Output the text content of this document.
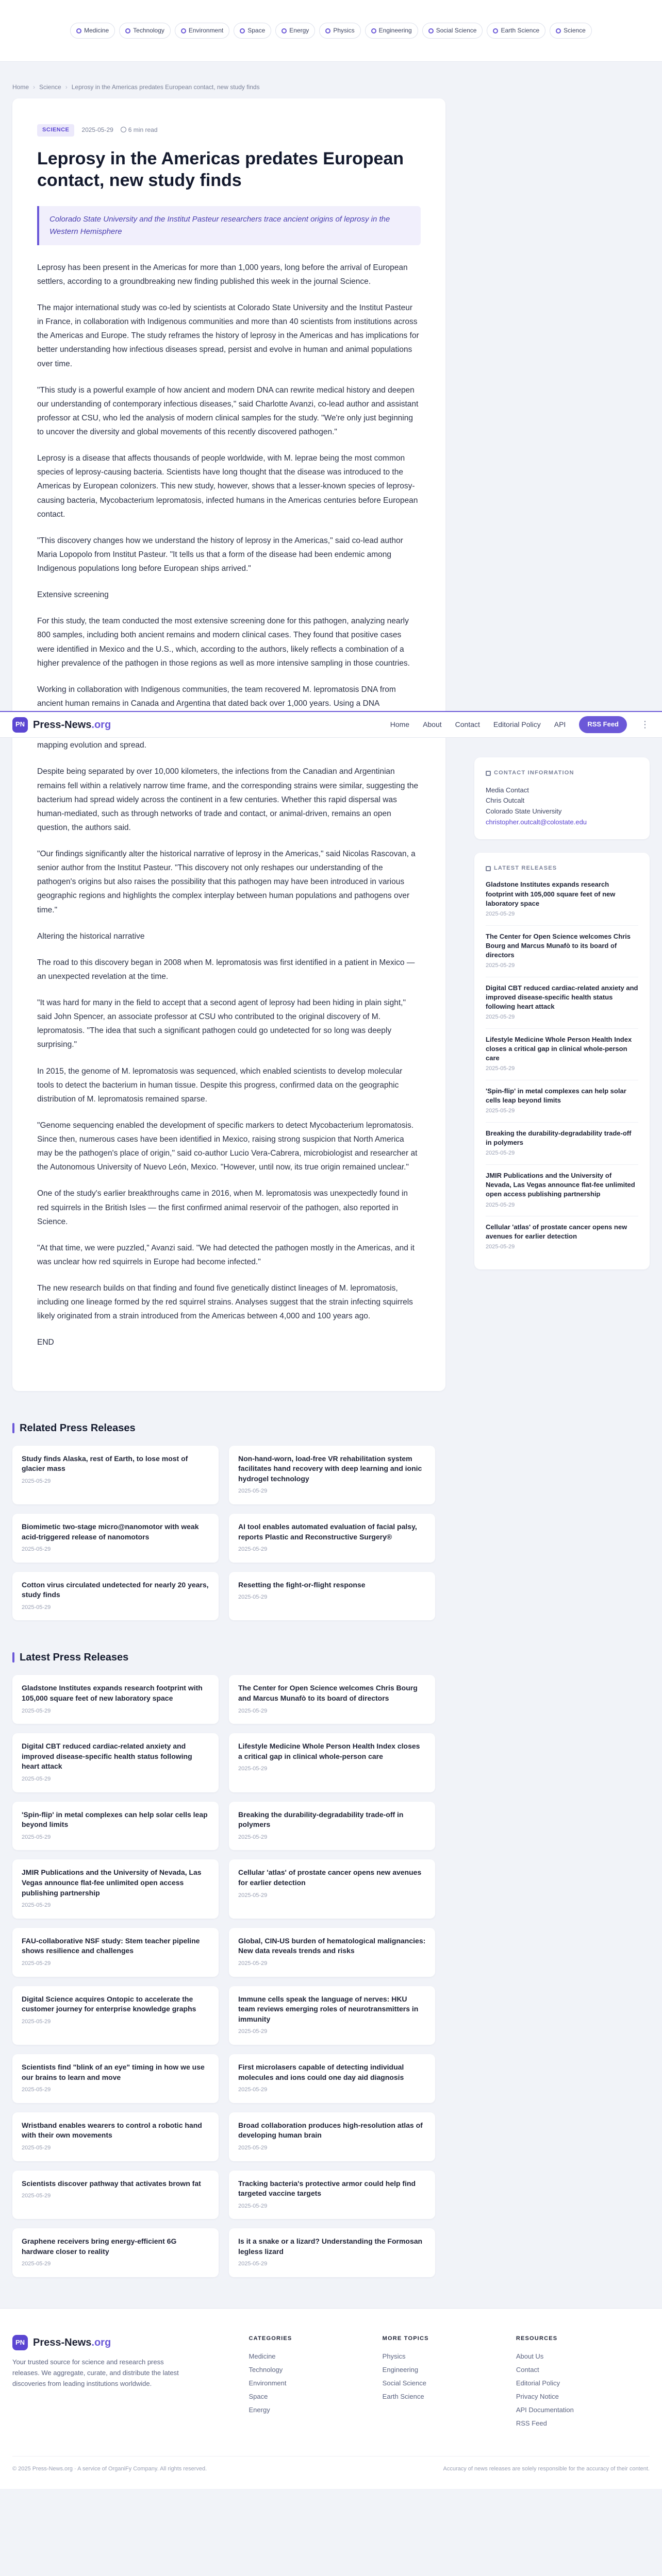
Medicine	Technology	Environment	Space	Energy	Physics	Engineering	Social Science	Earth Science	Science
Home › Science › Leprosy in the Americas predates European contact, new study finds
PN Press-News.org	Home About Contact Editorial Policy API	RSS Feed	⋮
SCIENCE	2025-05-29	6 min read
Leprosy in the Americas predates European contact, new study finds
Colorado State University and the Institut Pasteur researchers trace ancient origins of leprosy in the Western Hemisphere

Leprosy has been present in the Americas for more than 1,000 years, long before the arrival of European settlers, according to a groundbreaking new finding published this week in the journal Science.

The major international study was co-led by scientists at Colorado State University and the Institut Pasteur in France, in collaboration with Indigenous communities and more than 40 scientists from institutions across the Americas and Europe. The study reframes the history of leprosy in the Americas and has implications for better understanding how infectious diseases spread, persist and evolve in human and animal populations over time.

"This study is a powerful example of how ancient and modern DNA can rewrite medical history and deepen our understanding of contemporary infectious diseases," said Charlotte Avanzi, co-lead author and assistant professor at CSU, who led the analysis of modern clinical samples for the study. "We're only just beginning to uncover the diversity and global movements of this recently discovered pathogen."

Leprosy is a disease that affects thousands of people worldwide, with M. leprae being the most common species of leprosy-causing bacteria. Scientists have long thought that the disease was introduced to the Americas by European colonizers. This new study, however, shows that a lesser-known species of leprosy-causing bacteria, Mycobacterium lepromatosis, infected humans in the Americas centuries before European contact.

"This discovery changes how we understand the history of leprosy in the Americas," said co-lead author Maria Lopopolo from Institut Pasteur. "It tells us that a form of the disease had been endemic among Indigenous populations long before European ships arrived."

Extensive screening

For this study, the team conducted the most extensive screening done for this pathogen, analyzing nearly 800 samples, including both ancient remains and modern clinical cases. They found that positive cases were identified in Mexico and the U.S., which, according to the authors, likely reflects a combination of a higher prevalence of the pathogen in those regions as well as more intensive sampling in those countries.

Working in collaboration with Indigenous communities, the team recovered M. lepromatosis DNA from ancient human remains in Canada and Argentina that dated back over 1,000 years. Using a DNA mapping evolution and spread.

Despite being separated by over 10,000 kilometers, the infections from the Canadian and Argentinian remains fell within a relatively narrow time frame, and the corresponding strains were similar, suggesting the bacterium had spread widely across the continent in a few centuries. Whether this rapid dispersal was human-mediated, such as through networks of trade and contact, or animal-driven, remains an open question, the authors said.

"Our findings significantly alter the historical narrative of leprosy in the Americas," said Nicolas Rascovan, a senior author from the Institut Pasteur. "This discovery not only reshapes our understanding of the pathogen's origins but also raises the possibility that this pathogen may have been introduced in various geographic regions and highlights the complex interplay between human populations and pathogens over time."

Altering the historical narrative

The road to this discovery began in 2008 when M. lepromatosis was first identified in a patient in Mexico — an unexpected revelation at the time.

"It was hard for many in the field to accept that a second agent of leprosy had been hiding in plain sight," said John Spencer, an associate professor at CSU who contributed to the original discovery of M. lepromatosis. "The idea that such a significant pathogen could go undetected for so long was deeply surprising."

In 2015, the genome of M. lepromatosis was sequenced, which enabled scientists to develop molecular tools to detect the bacterium in human tissue. Despite this progress, confirmed data on the geographic distribution of M. lepromatosis remained sparse.

"Genome sequencing enabled the development of specific markers to detect Mycobacterium lepromatosis. Since then, numerous cases have been identified in Mexico, raising strong suspicion that North America may be the pathogen's place of origin," said co-author Lucio Vera-Cabrera, microbiologist and researcher at the Autonomous University of Nuevo León, Mexico. "However, until now, its true origin remained unclear."

One of the study's earlier breakthroughs came in 2016, when M. lepromatosis was unexpectedly found in red squirrels in the British Isles — the first confirmed animal reservoir of the pathogen, also reported in Science.

"At that time, we were puzzled," Avanzi said. "We had detected the pathogen mostly in the Americas, and it was unclear how red squirrels in Europe had become infected."

The new research builds on that finding and found five genetically distinct lineages of M. lepromatosis, including one lineage formed by the red squirrel strains. Analyses suggest that the strain infecting squirrels likely originated from a strain introduced from the Americas between 4,000 and 100 years ago.

END

CONTACT INFORMATION
Media Contact
Chris Outcalt
Colorado State University
christopher.outcalt@colostate.edu
LATEST RELEASES
Gladstone Institutes expands research footprint with 105,000 square feet of new laboratory space
2025-05-29
The Center for Open Science welcomes Chris Bourg and Marcus Munafò to its board of directors
2025-05-29
Digital CBT reduced cardiac-related anxiety and improved disease-specific health status following heart attack
2025-05-29
Lifestyle Medicine Whole Person Health Index closes a critical gap in clinical whole-person care
2025-05-29
'Spin-flip' in metal complexes can help solar cells leap beyond limits
2025-05-29
Breaking the durability-degradability trade-off in polymers
2025-05-29
JMIR Publications and the University of Nevada, Las Vegas announce flat-fee unlimited open access publishing partnership
2025-05-29
Cellular 'atlas' of prostate cancer opens new avenues for earlier detection
2025-05-29
Related Press Releases
Study finds Alaska, rest of Earth, to lose most of glacier mass
2025-05-29
Non-hand-worn, load-free VR rehabilitation system facilitates hand recovery with deep learning and ionic hydrogel technology
2025-05-29
Biomimetic two-stage micro@nanomotor with weak acid-triggered release of nanomotors
2025-05-29
AI tool enables automated evaluation of facial palsy, reports Plastic and Reconstructive Surgery®
2025-05-29
Cotton virus circulated undetected for nearly 20 years, study finds
2025-05-29
Resetting the fight-or-flight response
2025-05-29
Latest Press Releases
Gladstone Institutes expands research footprint with 105,000 square feet of new laboratory space
2025-05-29
The Center for Open Science welcomes Chris Bourg and Marcus Munafò to its board of directors
2025-05-29
Digital CBT reduced cardiac-related anxiety and improved disease-specific health status following heart attack
2025-05-29
Lifestyle Medicine Whole Person Health Index closes a critical gap in clinical whole-person care
2025-05-29
'Spin-flip' in metal complexes can help solar cells leap beyond limits
2025-05-29
Breaking the durability-degradability trade-off in polymers
2025-05-29
JMIR Publications and the University of Nevada, Las Vegas announce flat-fee unlimited open access publishing partnership
2025-05-29
Cellular 'atlas' of prostate cancer opens new avenues for earlier detection
2025-05-29
FAU-collaborative NSF study: Stem teacher pipeline shows resilience and challenges
2025-05-29
Global, CIN-US burden of hematological malignancies: New data reveals trends and risks
2025-05-29
Digital Science acquires Ontopic to accelerate the customer journey for enterprise knowledge graphs
2025-05-29
Immune cells speak the language of nerves: HKU team reviews emerging roles of neurotransmitters in immunity
2025-05-29
Scientists find "blink of an eye" timing in how we use our brains to learn and move
2025-05-29
First microlasers capable of detecting individual molecules and ions could one day aid diagnosis
2025-05-29
Wristband enables wearers to control a robotic hand with their own movements
2025-05-29
Broad collaboration produces high-resolution atlas of developing human brain
2025-05-29
Scientists discover pathway that activates brown fat
2025-05-29
Tracking bacteria's protective armor could help find targeted vaccine targets
2025-05-29
Graphene receivers bring energy-efficient 6G hardware closer to reality
2025-05-29
Is it a snake or a lizard? Understanding the Formosan legless lizard
2025-05-29
PN Press-News.org
Your trusted source for science and research press releases. We aggregate, curate, and distribute the latest discoveries from leading institutions worldwide.
CATEGORIES
Medicine
Technology
Environment
Space
Energy
MORE TOPICS
Physics
Engineering
Social Science
Earth Science
RESOURCES
About Us
Contact
Editorial Policy
Privacy Notice
API Documentation
RSS Feed
© 2025 Press-News.org · A service of OrganiFy Company. All rights reserved.	Accuracy of news releases are solely responsible for the accuracy of their content.
